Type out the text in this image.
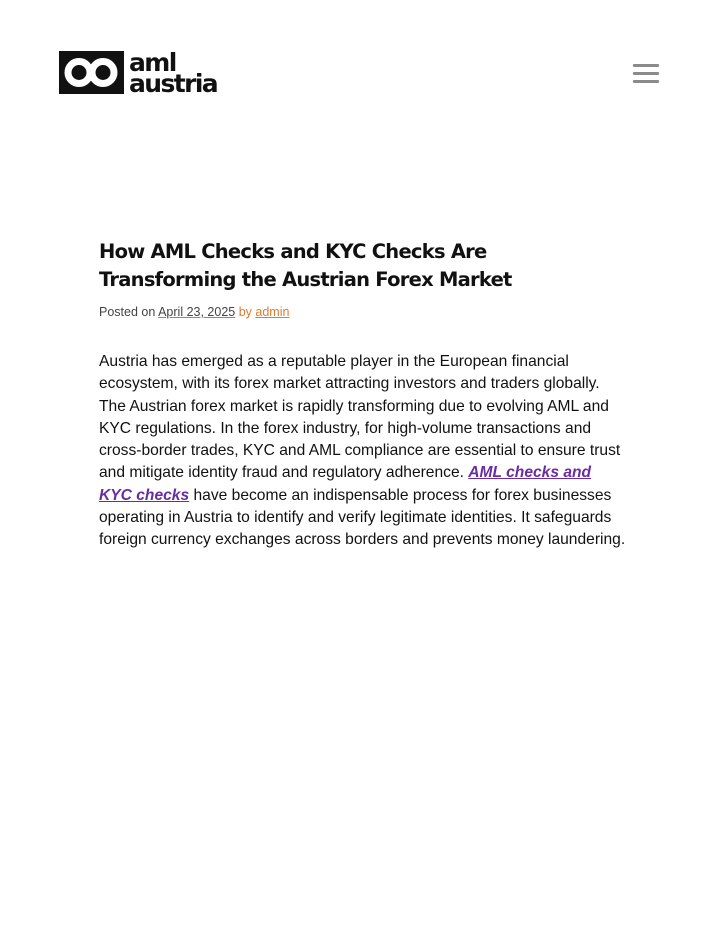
aml
austria
How AML Checks and KYC Checks Are Transforming the Austrian Forex Market
Posted on April 23, 2025 by admin

Austria has emerged as a reputable player in the European financial ecosystem, with its forex market attracting investors and traders globally. The Austrian forex market is rapidly transforming due to evolving AML and KYC regulations. In the forex industry, for high-volume transactions and cross-border trades, KYC and AML compliance are essential to ensure trust and mitigate identity fraud and regulatory adherence. AML checks and KYC checks have become an indispensable process for forex businesses operating in Austria to identify and verify legitimate identities. It safeguards foreign currency exchanges across borders and prevents money laundering.
